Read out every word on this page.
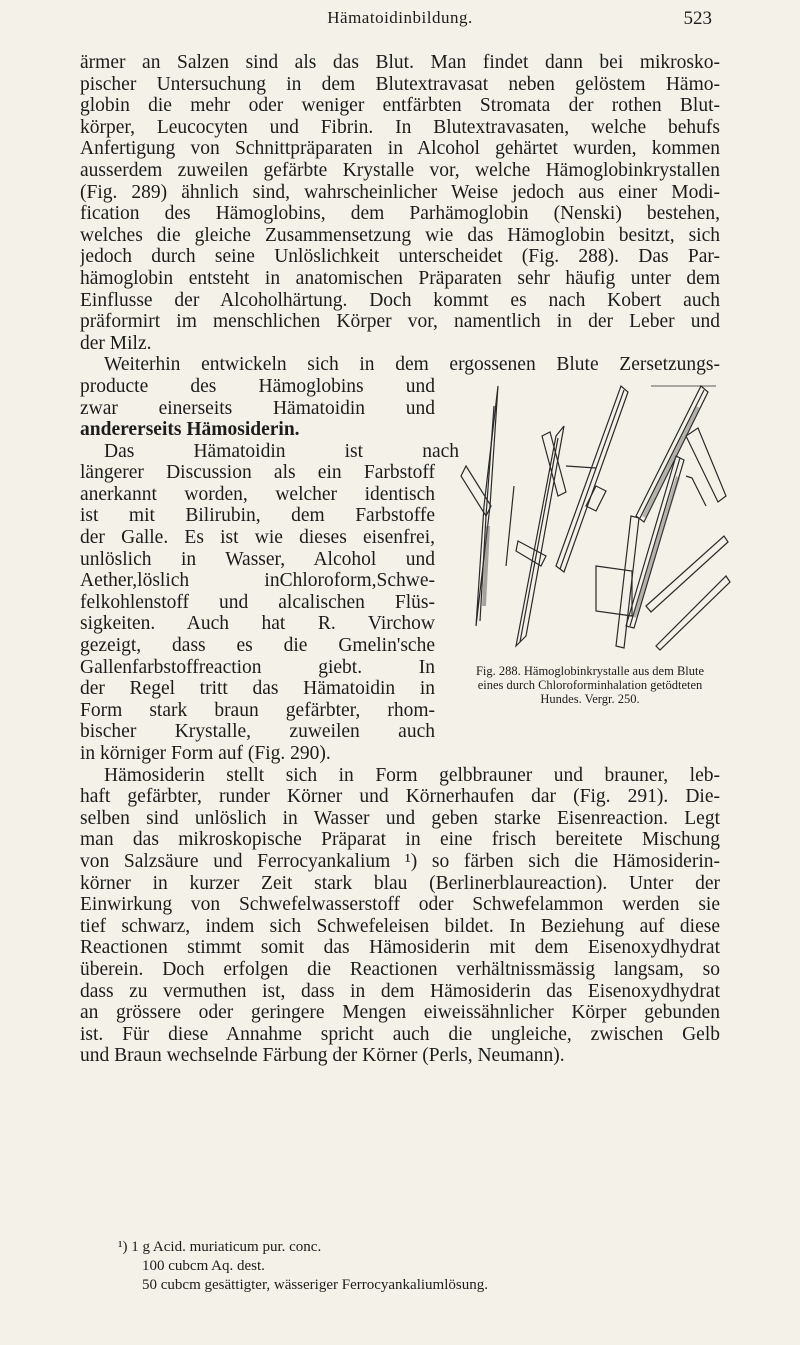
Hämatoidinbildung.	523
ärmer an Salzen sind als das Blut. Man findet dann bei mikrosko-
pischer Untersuchung in dem Blutextravasat neben gelöstem Hämo-
globin die mehr oder weniger entfärbten Stromata der rothen Blut-
körper, Leucocyten und Fibrin. In Blutextravasaten, welche behufs
Anfertigung von Schnittpräparaten in Alcohol gehärtet wurden, kommen
ausserdem zuweilen gefärbte Krystalle vor, welche Hämoglobinkrystallen
(Fig. 289) ähnlich sind, wahrscheinlicher Weise jedoch aus einer Modi-
fication des Hämoglobins, dem Parhämoglobin (Nenski) bestehen,
welches die gleiche Zusammensetzung wie das Hämoglobin besitzt, sich
jedoch durch seine Unlöslichkeit unterscheidet (Fig. 288). Das Par-
hämoglobin entsteht in anatomischen Präparaten sehr häufig unter dem
Einflusse der Alcoholhärtung. Doch kommt es nach Kobert auch
präformirt im menschlichen Körper vor, namentlich in der Leber und
der Milz.
Weiterhin entwickeln sich in dem ergossenen Blute Zersetzungs-
producte des Hämoglobins und
zwar einerseits Hämatoidin und
andererseits Hämosiderin.
Das Hämatoidin ist nach
längerer Discussion als ein Farbstoff
anerkannt worden, welcher identisch
ist mit Bilirubin, dem Farbstoffe
der Galle. Es ist wie dieses eisenfrei,
unlöslich in Wasser, Alcohol und
Aether,löslich inChloroform,Schwe-
felkohlenstoff und alcalischen Flüs-
sigkeiten. Auch hat R. Virchow
gezeigt, dass es die Gmelin'sche
Gallenfarbstoffreaction giebt. In
der Regel tritt das Hämatoidin in
Form stark braun gefärbter, rhom-
bischer Krystalle, zuweilen auch
in körniger Form auf (Fig. 290).
Hämosiderin stellt sich in Form gelbbrauner und brauner, leb-
haft gefärbter, runder Körner und Körnerhaufen dar (Fig. 291). Die-
selben sind unlöslich in Wasser und geben starke Eisenreaction. Legt
man das mikroskopische Präparat in eine frisch bereitete Mischung
von Salzsäure und Ferrocyankalium ¹) so färben sich die Hämosiderin-
körner in kurzer Zeit stark blau (Berlinerblaureaction). Unter der
Einwirkung von Schwefelwasserstoff oder Schwefelammon werden sie
tief schwarz, indem sich Schwefeleisen bildet. In Beziehung auf diese
Reactionen stimmt somit das Hämosiderin mit dem Eisenoxydhydrat
überein. Doch erfolgen die Reactionen verhältnissmässig langsam, so
dass zu vermuthen ist, dass in dem Hämosiderin das Eisenoxydhydrat
an grössere oder geringere Mengen eiweissähnlicher Körper gebunden
ist. Für diese Annahme spricht auch die ungleiche, zwischen Gelb
und Braun wechselnde Färbung der Körner (Perls, Neumann).
Fig. 288. Hämoglobinkrystalle aus dem Blute
eines durch Chloroforminhalation getödteten
Hundes. Vergr. 250.
¹) 1 g Acid. muriaticum pur. conc.
100 cubcm Aq. dest.
50 cubcm gesättigter, wässeriger Ferrocyankaliumlösung.
